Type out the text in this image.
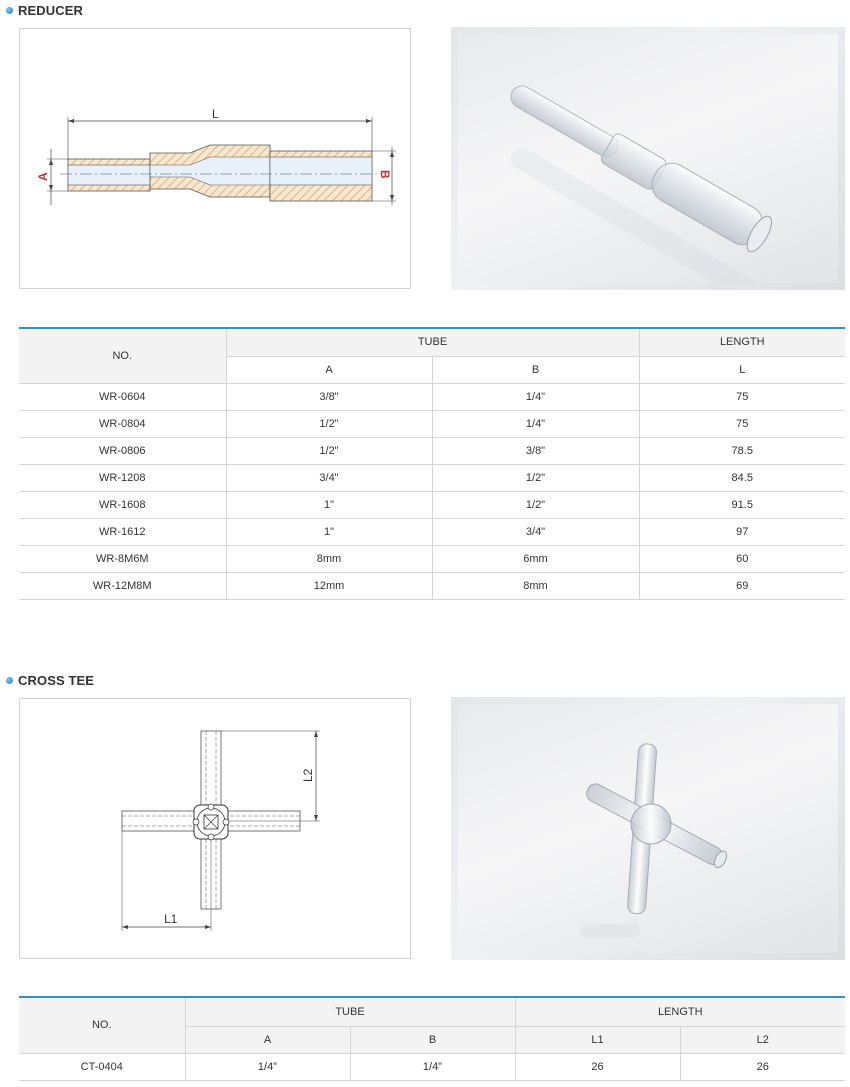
REDUCER
L
A	B
NO.	TUBE		LENGTH
	A	B	L
WR-0604	3/8"	1/4"	75
WR-0804	1/2"	1/4"	75
WR-0806	1/2"	3/8"	78.5
WR-1208	3/4"	1/2"	84.5
WR-1608	1"	1/2"	91.5
WR-1612	1"	3/4"	97
WR-8M6M	8mm	6mm	60
WR-12M8M	12mm	8mm	69
CROSS TEE
L2
L1
NO.	TUBE		LENGTH	
	A	B	L1	L2
CT-0404	1/4"	1/4"	26	26
